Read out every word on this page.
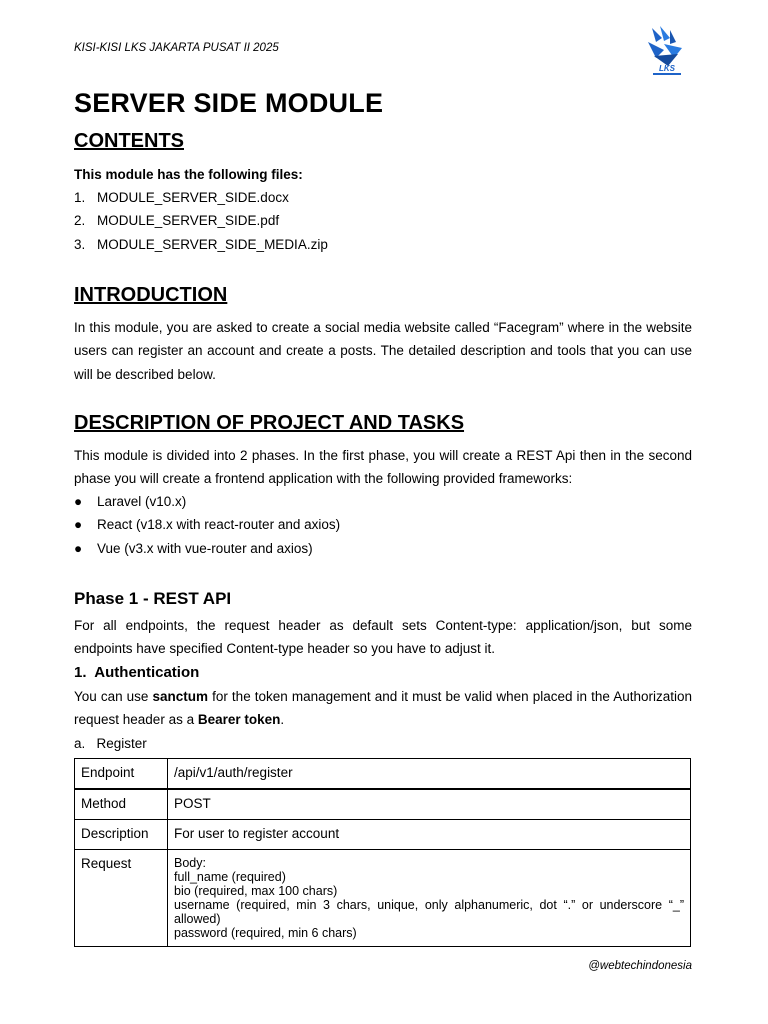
KISI-KISI LKS JAKARTA PUSAT II 2025
LKS
SERVER SIDE MODULE
CONTENTS
This module has the following files:
1. MODULE_SERVER_SIDE.docx
2. MODULE_SERVER_SIDE.pdf
3. MODULE_SERVER_SIDE_MEDIA.zip
INTRODUCTION

In this module, you are asked to create a social media website called “Facegram” where in the website users can register an account and create a posts. The detailed description and tools that you can use will be described below.

DESCRIPTION OF PROJECT AND TASKS

This module is divided into 2 phases. In the first phase, you will create a REST Api then in the second phase you will create a frontend application with the following provided frameworks:

●	Laravel (v10.x)
●	React (v18.x with react-router and axios)
●	Vue (v3.x with vue-router and axios)
Phase 1 - REST API

For all endpoints, the request header as default sets Content-type: application/json, but some endpoints have specified Content-type header so you have to adjust it.

1.  Authentication

You can use sanctum for the token management and it must be valid when placed in the Authorization request header as a Bearer token.

a.   Register
Endpoint	/api/v1/auth/register
Method	POST
Description	For user to register account
Request	Body:
full_name (required)
bio (required, max 100 chars)
username (required, min 3 chars, unique, only alphanumeric, dot “.” or underscore “_” allowed)
password (required, min 6 chars)
@webtechindonesia
